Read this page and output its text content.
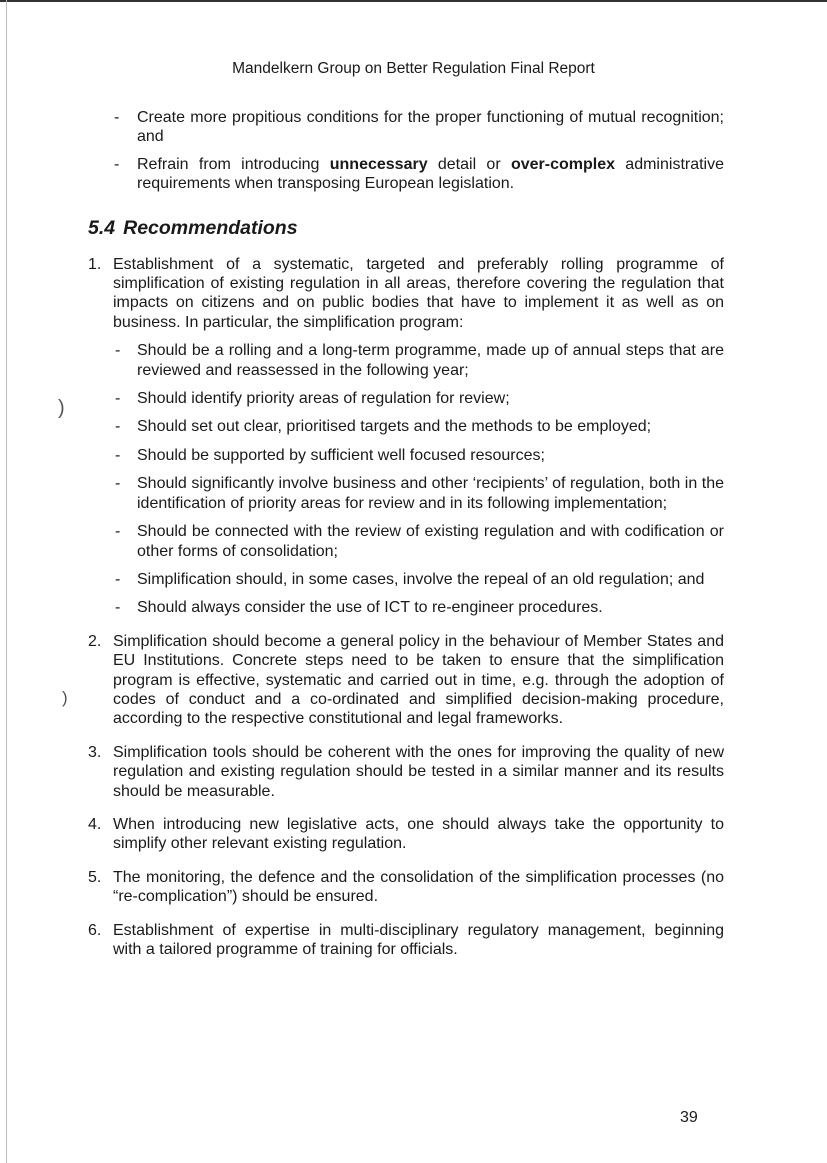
)
)
Mandelkern Group on Better Regulation Final Report
- Create more propitious conditions for the proper functioning of mutual recognition; and
- Refrain from introducing unnecessary detail or over-complex administrative requirements when transposing European legislation.
5.4 Recommendations
1. Establishment of a systematic, targeted and preferably rolling programme of simplification of existing regulation in all areas, therefore covering the regulation that impacts on citizens and on public bodies that have to implement it as well as on business. In particular, the simplification program:
- Should be a rolling and a long-term programme, made up of annual steps that are reviewed and reassessed in the following year;
- Should identify priority areas of regulation for review;
- Should set out clear, prioritised targets and the methods to be employed;
- Should be supported by sufficient well focused resources;
- Should significantly involve business and other ‘recipients’ of regulation, both in the identification of priority areas for review and in its following implementation;
- Should be connected with the review of existing regulation and with codification or other forms of consolidation;
- Simplification should, in some cases, involve the repeal of an old regulation; and
- Should always consider the use of ICT to re-engineer procedures.
2. Simplification should become a general policy in the behaviour of Member States and EU Institutions. Concrete steps need to be taken to ensure that the simplification program is effective, systematic and carried out in time, e.g. through the adoption of codes of conduct and a co-ordinated and simplified decision-making procedure, according to the respective constitutional and legal frameworks.
3. Simplification tools should be coherent with the ones for improving the quality of new regulation and existing regulation should be tested in a similar manner and its results should be measurable.
4. When introducing new legislative acts, one should always take the opportunity to simplify other relevant existing regulation.
5. The monitoring, the defence and the consolidation of the simplification processes (no “re-complication”) should be ensured.
6. Establishment of expertise in multi-disciplinary regulatory management, beginning with a tailored programme of training for officials.
39
